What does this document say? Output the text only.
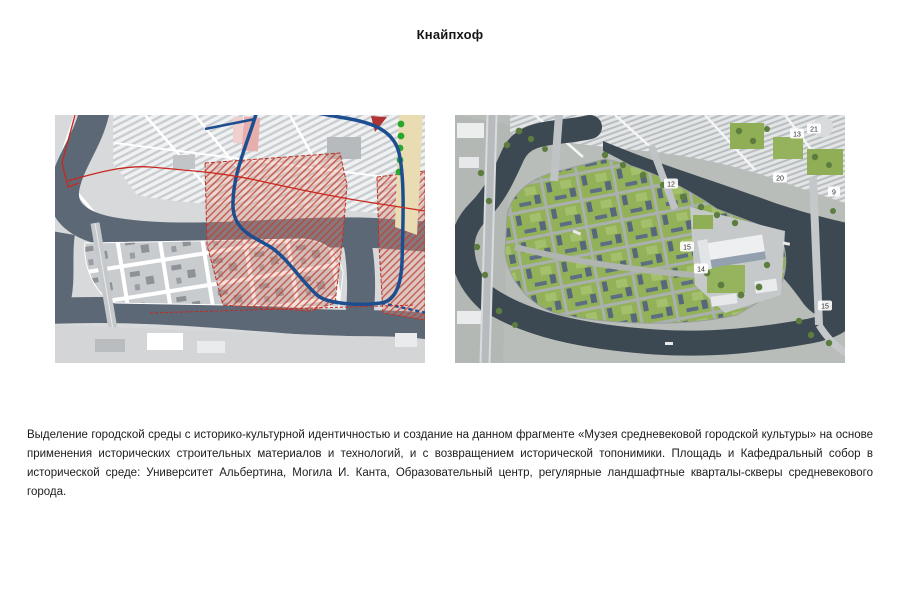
Кнайпхоф
13
21
20
9
12
15
14
15
Выделение городской среды с историко-культурной идентичностью и создание на данном фрагменте «Музея средневековой городской культуры» на основе применения исторических строительных материалов и технологий, и с возвращением исторической топонимики. Площадь и Кафедральный собор в исторической среде: Университет Альбертина, Могила И. Канта, Образовательный центр, регулярные ландшафтные кварталы-скверы средневекового города.
